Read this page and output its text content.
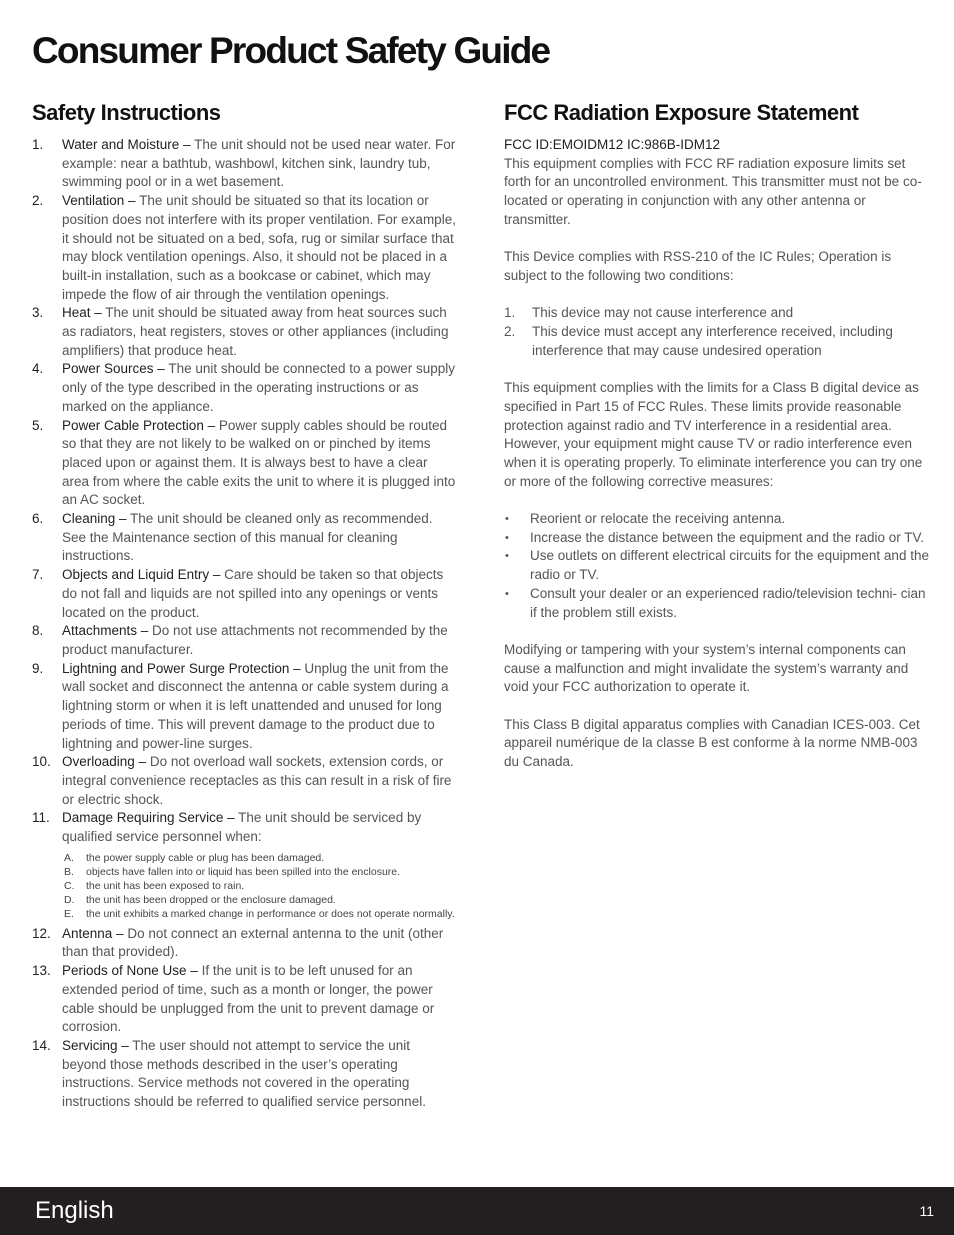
Consumer Product Safety Guide
Safety Instructions
1. Water and Moisture – The unit should not be used near water. For example: near a bathtub, washbowl, kitchen sink, laundry tub, swimming pool or in a wet basement.
2. Ventilation – The unit should be situated so that its location or position does not interfere with its proper ventilation. For example, it should not be situated on a bed, sofa, rug or similar surface that may block ventilation openings. Also, it should not be placed in a built-in installation, such as a bookcase or cabinet, which may impede the flow of air through the ventilation openings.
3. Heat – The unit should be situated away from heat sources such as radiators, heat registers, stoves or other appliances (including amplifiers) that produce heat.
4. Power Sources – The unit should be connected to a power supply only of the type described in the operating instructions or as marked on the appliance.
5. Power Cable Protection – Power supply cables should be routed so that they are not likely to be walked on or pinched by items placed upon or against them. It is always best to have a clear area from where the cable exits the unit to where it is plugged into an AC socket.
6. Cleaning – The unit should be cleaned only as recommended. See the Maintenance section of this manual for cleaning instructions.
7. Objects and Liquid Entry – Care should be taken so that objects do not fall and liquids are not spilled into any openings or vents located on the product.
8. Attachments – Do not use attachments not recommended by the product manufacturer.
9. Lightning and Power Surge Protection – Unplug the unit from the wall socket and disconnect the antenna or cable system during a lightning storm or when it is left unattended and unused for long periods of time. This will prevent damage to the product due to lightning and power-line surges.
10. Overloading – Do not overload wall sockets, extension cords, or integral convenience receptacles as this can result in a risk of fire or electric shock.
11. Damage Requiring Service – The unit should be serviced by qualified service personnel when:
A. the power supply cable or plug has been damaged.
B. objects have fallen into or liquid has been spilled into the enclosure.
C. the unit has been exposed to rain.
D. the unit has been dropped or the enclosure damaged.
E. the unit exhibits a marked change in performance or does not operate normally.
12. Antenna – Do not connect an external antenna to the unit (other than that provided).
13. Periods of None Use – If the unit is to be left unused for an extended period of time, such as a month or longer, the power cable should be unplugged from the unit to prevent damage or corrosion.
14. Servicing – The user should not attempt to service the unit beyond those methods described in the user’s operating instructions. Service methods not covered in the operating instructions should be referred to qualified service personnel.
FCC Radiation Exposure Statement

FCC ID:EMOIDM12 IC:986B-IDM12

This equipment complies with FCC RF radiation exposure limits set forth for an uncontrolled environment. This transmitter must not be co-located or operating in conjunction with any other antenna or transmitter.

This Device complies with RSS-210 of the IC Rules; Operation is subject to the following two conditions:

1. This device may not cause interference and
2. This device must accept any interference received, including interference that may cause undesired operation

This equipment complies with the limits for a Class B digital device as specified in Part 15 of FCC Rules. These limits provide reasonable protection against radio and TV interference in a residential area. However, your equipment might cause TV or radio interference even when it is operating properly. To eliminate interference you can try one or more of the following corrective measures:

• Reorient or relocate the receiving antenna.
• Increase the distance between the equipment and the radio or TV.
• Use outlets on different electrical circuits for the equipment and the radio or TV.
• Consult your dealer or an experienced radio/television techni- cian if the problem still exists.

Modifying or tampering with your system’s internal components can cause a malfunction and might invalidate the system’s warranty and void your FCC authorization to operate it.

This Class B digital apparatus complies with Canadian ICES-003. Cet appareil numérique de la classe B est conforme à la norme NMB-003 du Canada.

English	11
